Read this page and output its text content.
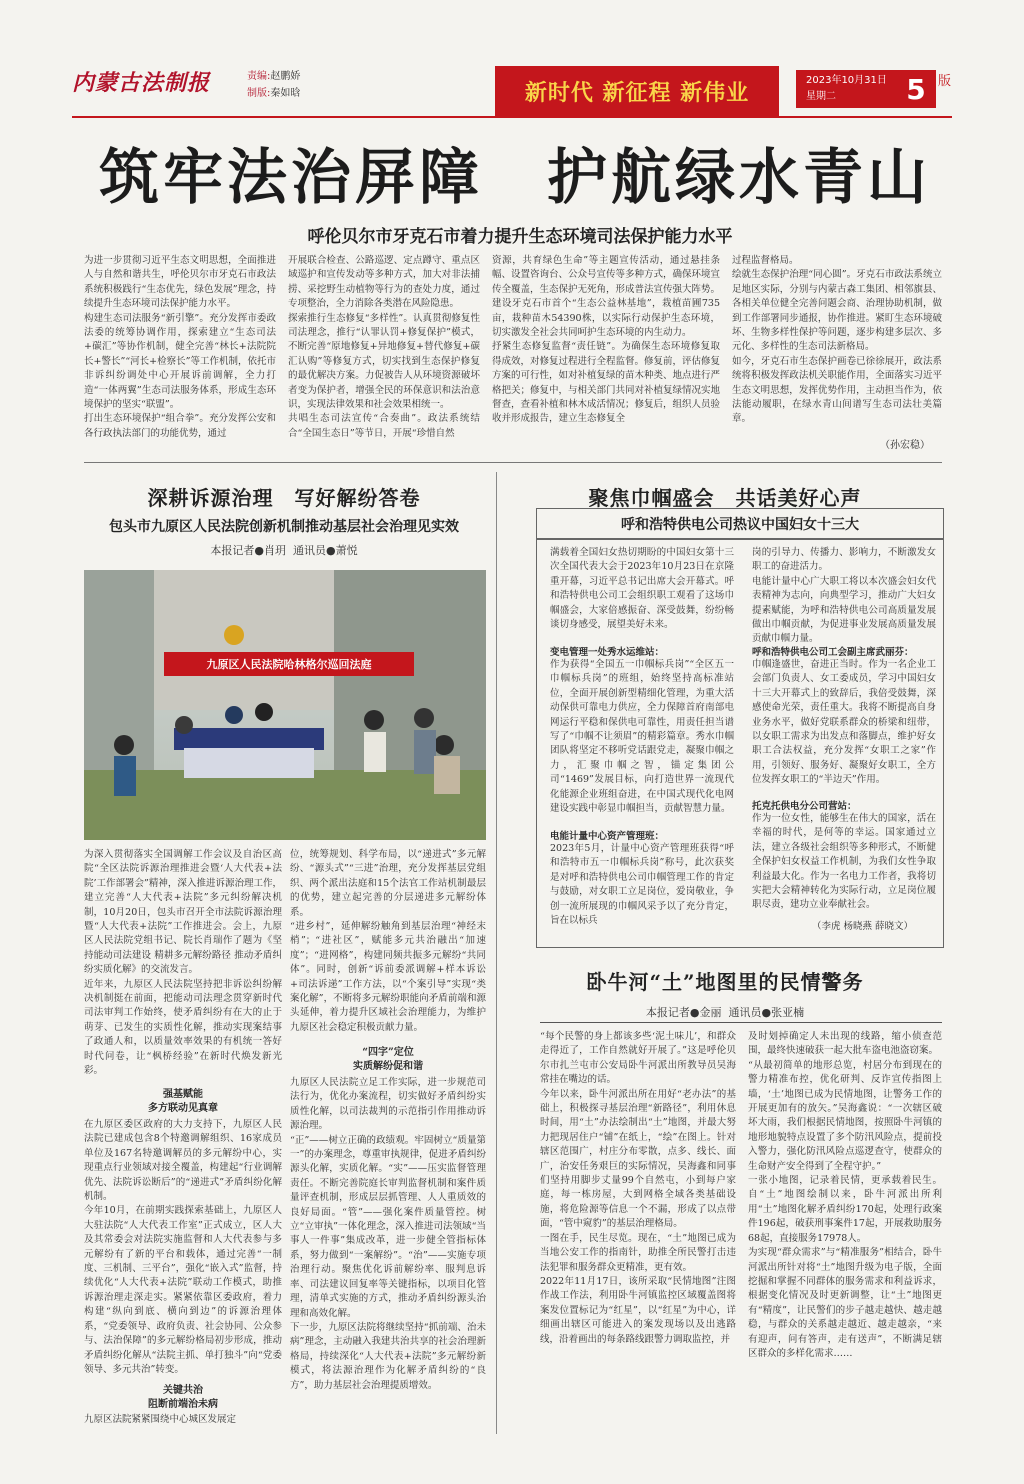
内蒙古法制报	责编:赵鹏娇
制版:秦如晗	新时代 新征程 新伟业	2023年10月31日
星期二	5 版
筑牢法治屏障　护航绿水青山
呼伦贝尔市牙克石市着力提升生态环境司法保护能力水平
为进一步贯彻习近平生态文明思想，全面推进人与自然和谐共生，呼伦贝尔市牙克石市政法系统积极践行“生态优先，绿色发展”理念，持续提升生态环境司法保护能力水平。
构建生态司法服务“新引擎”。充分发挥市委政法委的统筹协调作用，探索建立“生态司法+碳汇”等协作机制，健全完善“林长+法院院长+警长”“河长+检察长”等工作机制，依托市非诉纠纷调处中心开展诉前调解，全力打造“一体两翼”生态司法服务体系，形成生态环境保护的坚实“联盟”。
打出生态环境保护“组合拳”。充分发挥公安和各行政执法部门的功能优势，通过
开展联合检查、公路巡逻、定点蹲守、重点区域巡护和宣传发动等多种方式，加大对非法捕捞、采挖野生动植物等行为的查处力度，通过专项整治，全力消除各类潜在风险隐患。
探索推行生态修复“多样性”。认真贯彻修复性司法理念，推行“认罪认罚+修复保护”模式，不断完善“原地修复+异地修复+替代修复+碳汇认购”等修复方式，切实找到生态保护修复的最优解决方案。力促被告人从环境资源破坏者变为保护者，增强全民的环保意识和法治意识，实现法律效果和社会效果相统一。
共唱生态司法宣传“合奏曲”。政法系统结合“全国生态日”等节日，开展“珍惜自然
资源，共育绿色生命”等主题宣传活动，通过悬挂条幅、设置咨询台、公众号宣传等多种方式，确保环境宣传全覆盖，生态保护无死角，形成普法宣传强大阵势。建设牙克石市首个“生态公益林基地”，栽植苗圃735亩，栽种苗木54390株，以实际行动保护生态环境，切实激发全社会共同呵护生态环境的内生动力。
抒紧生态修复监督“责任链”。为确保生态环境修复取得成效，对修复过程进行全程监督。修复前，评估修复方案的可行性，如对补植复绿的苗木种类、地点进行严格把关；修复中，与相关部门共同对补植复绿情况实地督查，查看补植和林木成活情况；修复后，组织人员验收并形成报告，建立生态修复全
过程监督格局。
绘就生态保护治理“同心圆”。牙克石市政法系统立足地区实际，分别与内蒙古森工集团、相邻旗县、各相关单位健全完善问题会商、治理协助机制，做到工作部署同步通报，协作推进。紧盯生态环境破坏、生物多样性保护等问题，逐步构建多层次、多元化、多样性的生态司法新格局。
如今，牙克石市生态保护画卷已徐徐展开，政法系统将积极发挥政法机关职能作用，全面落实习近平生态文明思想，发挥优势作用，主动担当作为，依法能动履职，在绿水青山间谱写生态司法壮美篇章。
（孙宏稳）
深耕诉源治理　写好解纷答卷
包头市九原区人民法院创新机制推动基层社会治理见实效
本报记者●肖玥 通讯员●萧悦
九原区人民法院哈林格尔巡回法庭
为深入贯彻落实全国调解工作会议及自治区高院“全区法院诉源治理推进会暨‘人大代表+法院’工作部署会”精神，深入推进诉源治理工作，建立完善“人大代表+法院”多元纠纷解决机制，10月20日，包头市召开全市法院诉源治理暨“人大代表+法院”工作推进会。会上，九原区人民法院党组书记、院长肖瑞作了题为《坚持能动司法建设 精耕多元解纷路径 推动矛盾纠纷实质化解》的交流发言。
近年来，九原区人民法院坚持把非诉讼纠纷解决机制挺在前面，把能动司法理念贯穿新时代司法审判工作始终，使矛盾纠纷有在大的止于萌芽、已发生的实质性化解，推动实现案结事了政通人和，以质量效率效果的有机统一答好时代问卷，让“枫桥经验”在新时代焕发新光彩。
强基赋能
多方联动见真章
在九原区委区政府的大力支持下，九原区人民法院已建成包含8个特邀调解组织、16家成员单位及167名特邀调解员的多元解纷中心，实现重点行业领域对接全覆盖，构建起“行业调解优先、法院诉讼断后”的“递进式”矛盾纠纷化解机制。
今年10月，在前期实践探索基础上，九原区人大驻法院“人大代表工作室”正式成立，区人大及其常委会对法院实施监督和人大代表参与多元解纷有了新的平台和载体，通过完善“一制度、三机制、三平台”，强化“嵌入式”监督，持续优化“人大代表+法院”联动工作模式，助推诉源治理走深走实。紧紧依靠区委政府，着力构建“纵向到底、横向到边”的诉源治理体系，“党委领导、政府负责、社会协同、公众参与、法治保障”的多元解纷格局初步形成，推动矛盾纠纷化解从“法院主抓、单打独斗”向“党委领导、多元共治”转变。
关键共治
阻断前端治未病
九原区法院紧紧围绕中心城区发展定
位，统筹规划、科学布局，以“递进式”多元解纷、“源头式”“三进”治理，充分发挥基层党组织、两个派出法庭和15个法官工作站机制最层的优势，建立起完善的分层递进多元解纷体系。
“进乡村”，延伸解纷触角到基层治理“神经末梢”；“进社区”，赋能多元共治融出“加速度”；“进网格”，构建同频共振多元解纷“共同体”。同时，创新“诉前委派调解+样本诉讼+司法诉递”工作方法，以“个案引导”实现“类案化解”，不断将多元解纷职能向矛盾前端和源头延伸，着力提升区域社会治理能力，为维护九原区社会稳定积极贡献力量。
“四字”定位
实质解纷促和谐
九原区人民法院立足工作实际，进一步规范司法行为，优化办案流程，切实做好矛盾纠纷实质性化解，以司法裁判的示范指引作用推动诉源治理。
“正”——树立正确的政绩观。牢固树立“质量第一”的办案理念，尊重审执规律，促进矛盾纠纷源头化解，实质化解。“实”——压实监督管理责任。不断完善院庭长审判监督机制和案件质量评查机制，形成层层抓管理、人人重质效的良好局面。“管”——强化案件质量管控。树立“立审执”一体化理念，深入推进司法领域“当事人一件事”集成改革，进一步健全管指标体系，努力做到“一案解纷”。“治”——实施专项治理行动。聚焦优化诉前解纷率、服判息诉率、司法建议回复率等关键指标，以项目化管理，清单式实施的方式，推动矛盾纠纷源头治理和高效化解。
下一步，九原区法院将继续坚持“抓前端、治未病”理念，主动融入我建共治共享的社会治理新格局，持续深化“人大代表+法院”多元解纷新模式，将法源治理作为化解矛盾纠纷的“良方”，助力基层社会治理提质增效。
聚焦巾帼盛会　共话美好心声
呼和浩特供电公司热议中国妇女十三大
满载着全国妇女热切期盼的中国妇女第十三次全国代表大会于2023年10月23日在京隆重开幕，习近平总书记出席大会开幕式。呼和浩特供电公司工会组织职工观看了这场巾帼盛会，大家倍感振奋、深受鼓舞，纷纷畅谈切身感受，展望美好未来。
变电管理一处秀水运维站：
作为获得“全国五一巾帼标兵岗”“全区五一巾帼标兵岗”的班组，始终坚持高标准站位，全面开展创新型精细化管理，为重大活动保供可靠电力供应，全力保障首府南部电网运行平稳和保供电可靠性，用责任担当谱写了“巾帼不让须眉”的精彩篇章。秀水巾帼团队将坚定不移听党话跟党走，凝聚巾帼之力，汇聚巾帼之智，锚定集团公司“1469”发展目标，向打造世界一流现代化能源企业班组奋进，在中国式现代化电网建设实践中彰显巾帼担当，贡献智慧力量。
电能计量中心资产管理班：
2023年5月，计量中心资产管理班获得“呼和浩特市五一巾帼标兵岗”称号，此次获奖是对呼和浩特供电公司巾帼管理工作的肯定与鼓励，对女职工立足岗位，爱岗敬业，争创一流所展现的巾帼风采予以了充分肯定，旨在以标兵
岗的引导力、传播力、影响力，不断激发女职工的奋进活力。
电能计量中心广大职工将以本次盛会妇女代表精神为志向，向典型学习，推动广大妇女提素赋能，为呼和浩特供电公司高质量发展做出巾帼贡献，为促进事业发展高质量发展贡献巾帼力量。
呼和浩特供电公司工会副主席武丽芬：
巾帼逢盛世，奋进正当时。作为一名企业工会部门负责人、女工委成员，学习中国妇女十三大开幕式上的致辞后，我倍受鼓舞，深感使命光荣，责任重大。我将不断提高自身业务水平，做好党联系群众的桥梁和纽带，以女职工需求为出发点和落脚点，维护好女职工合法权益，充分发挥“女职工之家”作用，引领好、服务好、凝聚好女职工，全方位发挥女职工的“半边天”作用。
托克托供电分公司营站：
作为一位女性，能够生在伟大的国家，活在幸福的时代，是何等的幸运。国家通过立法，建立各级社会组织等多种形式，不断健全保护妇女权益工作机制，为我们女性争取利益最大化。作为一名电力工作者，我将切实把大会精神转化为实际行动，立足岗位履职尽责，建功立业奉献社会。
（李虎 杨晓燕 薛晓文）
卧牛河“土”地图里的民情警务
本报记者●金丽 通讯员●张亚楠
“每个民警的身上都该多些‘泥土味儿’，和群众走得近了，工作自然就好开展了。”这是呼伦贝尔市扎兰屯市公安局卧牛河派出所教导员吴海常挂在嘴边的话。
今年以来，卧牛河派出所在用好“老办法”的基础上，积极探寻基层治理“新路径”，利用休息时间，用“土”办法绘制出“土”地图，并最大努力把现居住户“铺”在纸上，“绘”在图上。针对辖区范围广，村庄分布零散，点多、线长、面广，治安任务艰巨的实际情况，吴海鑫和同事们坚持用脚步丈量99个自然屯，小到每户家庭，每一栋房屋，大到网格全域各类基础设施，将危险源等信息一个不漏，形成了以点带面，“管中窥豹”的基层治理格局。
一图在手，民生尽览。现在，“土”地图已成为当地公安工作的指南针，助推全所民警打击违法犯罪和服务群众更精准，更有效。
2022年11月17日，该所采取“民情地图”注图作战工作法，利用卧牛河镇监控区域覆盖图将案发位置标记为“红星”，以“红星”为中心，详细画出辖区可能进入的案发现场以及出逃路线，沿着画出的每条路线跟警力调取监控，并
及时划掉确定人未出现的线路，缩小侦查范围，最终快速破获一起大批车盗电池盗窃案。
“从最初简单的地形总览，村居分布到现在的警力精准布控，优化研判、反诈宣传指图上墙，‘土’地图已成为民情地图，让警务工作的开展更加有的放矢。”吴海鑫说：“一次辖区破坏大雨，我们根据民情地图，按照卧牛河镇的地形地貌特点设置了多个防汛风险点，提前投入警力，强化防汛风险点巡逻查守，使群众的生命财产安全得到了全程守护。”
一张小地图，记录着民情，更承载着民生。自“土”地图绘制以来，卧牛河派出所利用“土”地图化解矛盾纠纷170起，处理行政案件196起，破获刑事案件17起，开展救助服务68起，直接服务17978人。
为实现“群众需求”与“精准服务”相结合，卧牛河派出所针对将“土”地图升级为电子版，全面挖掘和掌握不同群体的服务需求和利益诉求，根据变化情况及时更新调整，让“土”地图更有“精度”，让民警们的步子越走越快、越走越稳，与群众的关系越走越近、越走越亲，“来有迎声，问有答声，走有送声”，不断满足辖区群众的多样化需求……
